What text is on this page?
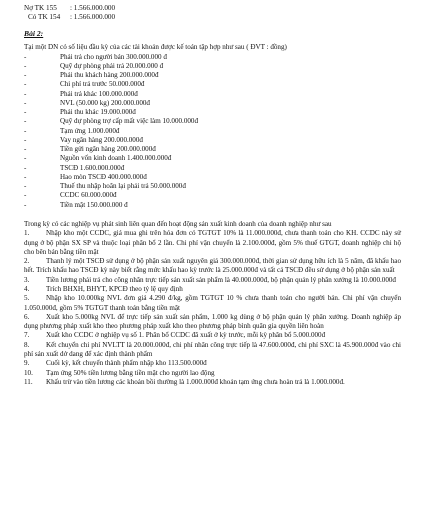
Nợ TK 155 : 1.566.000.000
Có TK 154 : 1.566.000.000
Bài 2:
Tại một DN có số liệu đầu kỳ của các tài khoản được kế toán tập hợp như sau ( ĐVT : đồng)
-	Phải trả cho người bán 300.000.000 đ
-	Quỹ dự phòng phải trả 20.000.000 đ
-	Phải thu khách hàng 200.000.000đ
-	Chi phí trả trước 50.000.000đ
-	Phải trả khác 100.000.000đ
-	NVL (50.000 kg) 200.000.000đ
-	Phải thu khác 19.000.000đ
-	Quỹ dự phòng trợ cấp mất việc làm 10.000.000đ
-	Tạm ứng 1.000.000đ
-	Vay ngân hàng 200.000.000đ
-	Tiền gửi ngân hàng 200.000.000đ
-	Nguồn vốn kinh doanh 1.400.000.000đ
-	TSCĐ 1.600.000.000đ
-	Hao mòn TSCĐ 400.000.000đ
-	Thuế thu nhập hoãn lại phải trả 50.000.000đ
-	CCDC 60.000.000đ
-	Tiền mặt 150.000.000 đ
Trong kỳ có các nghiệp vụ phát sinh liên quan đến hoạt động sản xuất kinh doanh của doanh nghiệp như sau
1. Nhập kho một CCDC, giá mua ghi trên hóa đơn có TGTGT 10% là 11.000.000đ, chưa thanh toán cho KH. CCDC này sử dụng ở bộ phận SX SP và thuộc loại phân bổ 2 lần. Chi phí vận chuyển là 2.100.000đ, gồm 5% thuế GTGT, doanh nghiệp chi hộ cho bên bán bằng tiền mặt
2. Thanh lý một TSCĐ sử dụng ở bộ phận sản xuất nguyên giá 300.000.000đ, thời gian sử dụng hữu ích là 5 năm, đã khấu hao hết. Trích khấu hao TSCĐ kỳ này biết rằng mức khấu hao kỳ trước là 25.000.000đ và tất cả TSCĐ đều sử dụng ở bộ phận sản xuất
3. Tiền lương phải trả cho công nhân trực tiếp sản xuất sản phẩm là 40.000.000đ, bộ phận quản lý phân xưởng là 10.000.000đ
4. Trích BHXH, BHYT, KPCĐ theo tỷ lệ quy định
5. Nhập kho 10.000kg NVL đơn giá 4.290 đ/kg, gồm TGTGT 10 % chưa thanh toán cho người bán. Chi phí vận chuyển 1.050.000đ, gồm 5% TGTGT thanh toán bằng tiền mặt
6. Xuất kho 5.000kg NVL để trực tiếp sản xuất sản phẩm, 1.000 kg dùng ở bộ phận quản lý phân xưởng. Doanh nghiệp áp dụng phương pháp xuất kho theo phương pháp xuất kho theo phương pháp bình quân gia quyền liên hoàn
7. Xuất kho CCDC ở nghiệp vụ số 1. Phân bổ CCDC đã xuất ở kỳ trước, mỗi kỳ phân bổ 5.000.000đ
8. Kết chuyển chi phí NVLTT là 20.000.000đ, chi phí nhân công trực tiếp là 47.600.000đ, chi phí SXC là 45.900.000đ vào chi phí sản xuất dở dang để xác định thành phẩm
9. Cuối kỳ, kết chuyển thành phẩm nhập kho 113.500.000đ
10. Tạm ứng 50% tiền lương bằng tiền mặt cho người lao động
11. Khấu trừ vào tiền lương các khoản bồi thường là 1.000.000đ khoản tạm ứng chưa hoàn trả là 1.000.000đ.
